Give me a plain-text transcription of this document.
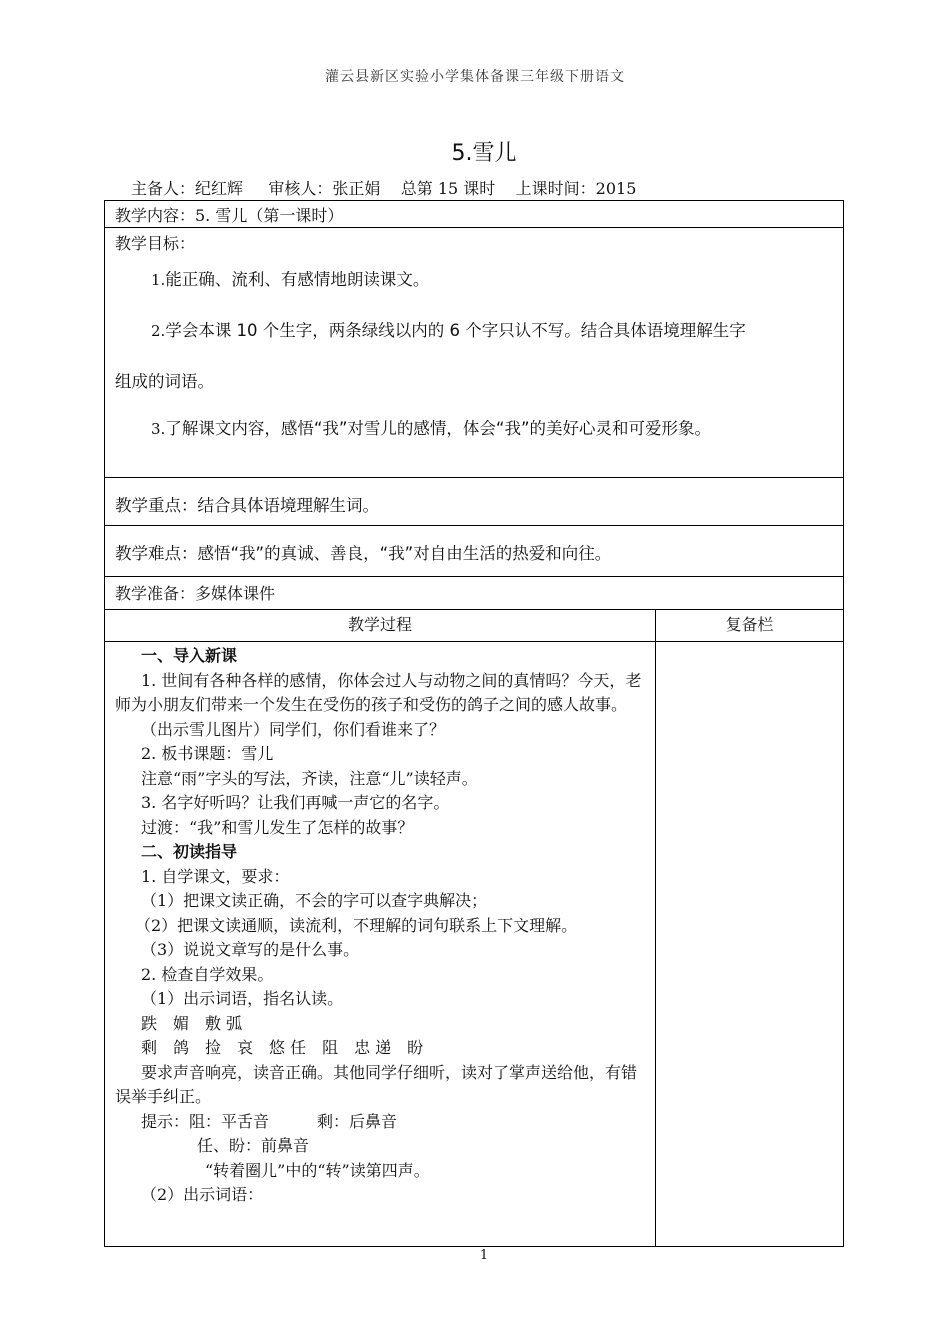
灌云县新区实验小学集体备课三年级下册语文
5.雪儿
主备人：纪红辉     审核人：张正娟    总第 15 课时    上课时间：2015
教学内容：5. 雪儿（第一课时）
教学目标：
1.能正确、流利、有感情地朗读课文。
2.学会本课 10 个生字，两条绿线以内的 6 个字只认不写。结合具体语境理解生字
组成的词语。
3.了解课文内容，感悟“我”对雪儿的感情，体会“我”的美好心灵和可爱形象。
教学重点：结合具体语境理解生词。
教学难点：感悟“我”的真诚、善良，“我”对自由生活的热爱和向往。
教学准备：多媒体课件
教学过程	复备栏
一、导入新课
1. 世间有各种各样的感情，你体会过人与动物之间的真情吗？今天，老师为小朋友们带来一个发生在受伤的孩子和受伤的鸽子之间的感人故事。
（出示雪儿图片）同学们，你们看谁来了？
2. 板书课题：雪儿
注意“雨”字头的写法，齐读，注意“儿”读轻声。
3. 名字好听吗？让我们再喊一声它的名字。
过渡：“我”和雪儿发生了怎样的故事？
二、初读指导
1. 自学课文，要求：
（1）把课文读正确，不会的字可以查字典解决；
（2）把课文读通顺，读流利，不理解的词句联系上下文理解。
（3）说说文章写的是什么事。
2. 检查自学效果。
（1）出示词语，指名认读。
跌　媚　敷 弧
剩　鸽　捡　哀　悠 任　阻　忠 递　盼
要求声音响亮，读音正确。其他同学仔细听，读对了掌声送给他，有错误举手纠正。
提示：阻：平舌音　　　剩：后鼻音
任、盼：前鼻音
“转着圈儿”中的“转”读第四声。
（2）出示词语：
1
